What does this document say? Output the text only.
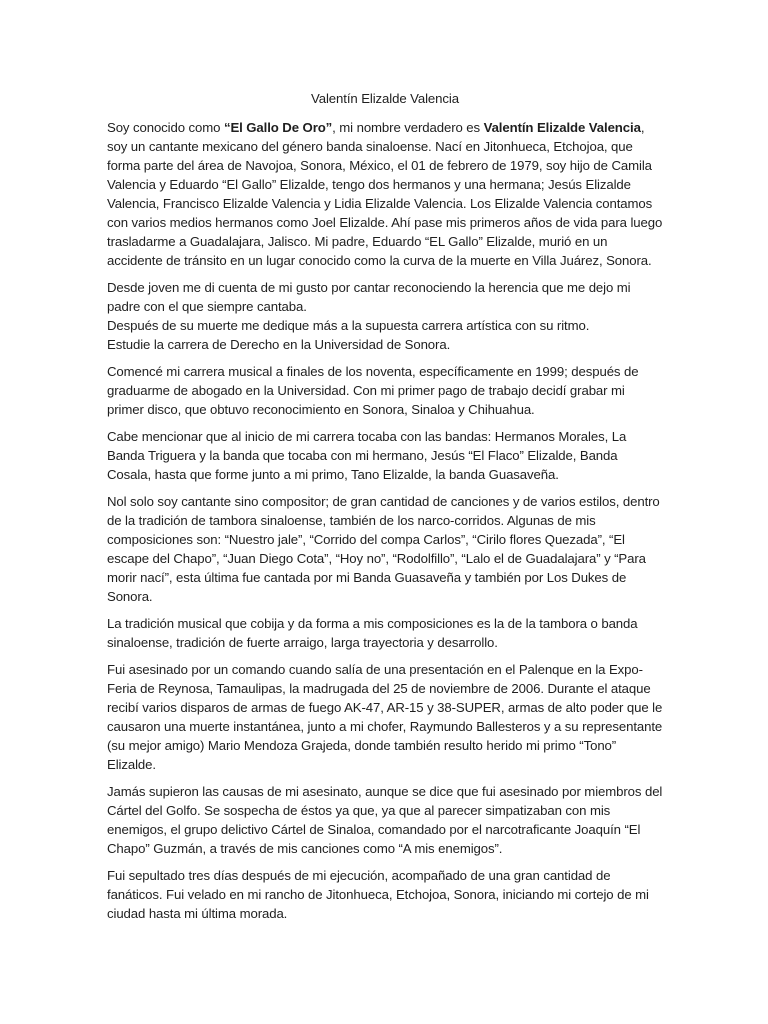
Valentín Elizalde Valencia

Soy conocido como “El Gallo De Oro”, mi nombre verdadero es Valentín Elizalde Valencia, soy un cantante mexicano del género banda sinaloense. Nací en Jitonhueca, Etchojoa, que forma parte del área de Navojoa, Sonora, México, el 01 de febrero de 1979, soy hijo de Camila Valencia y Eduardo “El Gallo” Elizalde, tengo dos hermanos y una hermana; Jesús Elizalde Valencia, Francisco Elizalde Valencia y Lidia Elizalde Valencia. Los Elizalde Valencia contamos con varios medios hermanos como Joel Elizalde. Ahí pase mis primeros años de vida para luego trasladarme a Guadalajara, Jalisco. Mi padre, Eduardo “EL Gallo” Elizalde, murió en un accidente de tránsito en un lugar conocido como la curva de la muerte en Villa Juárez, Sonora.

Desde joven me di cuenta de mi gusto por cantar reconociendo la herencia que me dejo mi padre con el que siempre cantaba.
Después de su muerte me dedique más a la supuesta carrera artística con su ritmo.
Estudie la carrera de Derecho en la Universidad de Sonora.

Comencé mi carrera musical a finales de los noventa, específicamente en 1999; después de graduarme de abogado en la Universidad. Con mi primer pago de trabajo decidí grabar mi primer disco, que obtuvo reconocimiento en Sonora, Sinaloa y Chihuahua.

Cabe mencionar que al inicio de mi carrera tocaba con las bandas: Hermanos Morales, La Banda Triguera y la banda que tocaba con mi hermano, Jesús “El Flaco” Elizalde, Banda Cosala, hasta que forme junto a mi primo, Tano Elizalde, la banda Guasaveña.

Nol solo soy cantante sino compositor; de gran cantidad de canciones y de varios estilos, dentro de la tradición de tambora sinaloense, también de los narco-corridos. Algunas de mis composiciones son: “Nuestro jale”, “Corrido del compa Carlos”, “Cirilo flores Quezada”, “El escape del Chapo”, “Juan Diego Cota”, “Hoy no”, “Rodolfillo”, “Lalo el de Guadalajara” y “Para morir nací”, esta última fue cantada por mi Banda Guasaveña y también por Los Dukes de Sonora.

La tradición musical que cobija y da forma a mis composiciones es la de la tambora o banda sinaloense, tradición de fuerte arraigo, larga trayectoria y desarrollo.

Fui asesinado por un comando cuando salía de una presentación en el Palenque en la Expo-Feria de Reynosa, Tamaulipas, la madrugada del 25 de noviembre de 2006. Durante el ataque recibí varios disparos de armas de fuego AK-47, AR-15 y 38-SUPER, armas de alto poder que le causaron una muerte instantánea, junto a mi chofer, Raymundo Ballesteros y a su representante (su mejor amigo) Mario Mendoza Grajeda, donde también resulto herido mi primo “Tono” Elizalde.

Jamás supieron las causas de mi asesinato, aunque se dice que fui asesinado por miembros del Cártel del Golfo. Se sospecha de éstos ya que, ya que al parecer simpatizaban con mis enemigos, el grupo delictivo Cártel de Sinaloa, comandado por el narcotraficante Joaquín “El Chapo” Guzmán, a través de mis canciones como “A mis enemigos”.

Fui sepultado tres días después de mi ejecución, acompañado de una gran cantidad de fanáticos. Fui velado en mi rancho de Jitonhueca, Etchojoa, Sonora, iniciando mi cortejo de mi ciudad hasta mi última morada.
